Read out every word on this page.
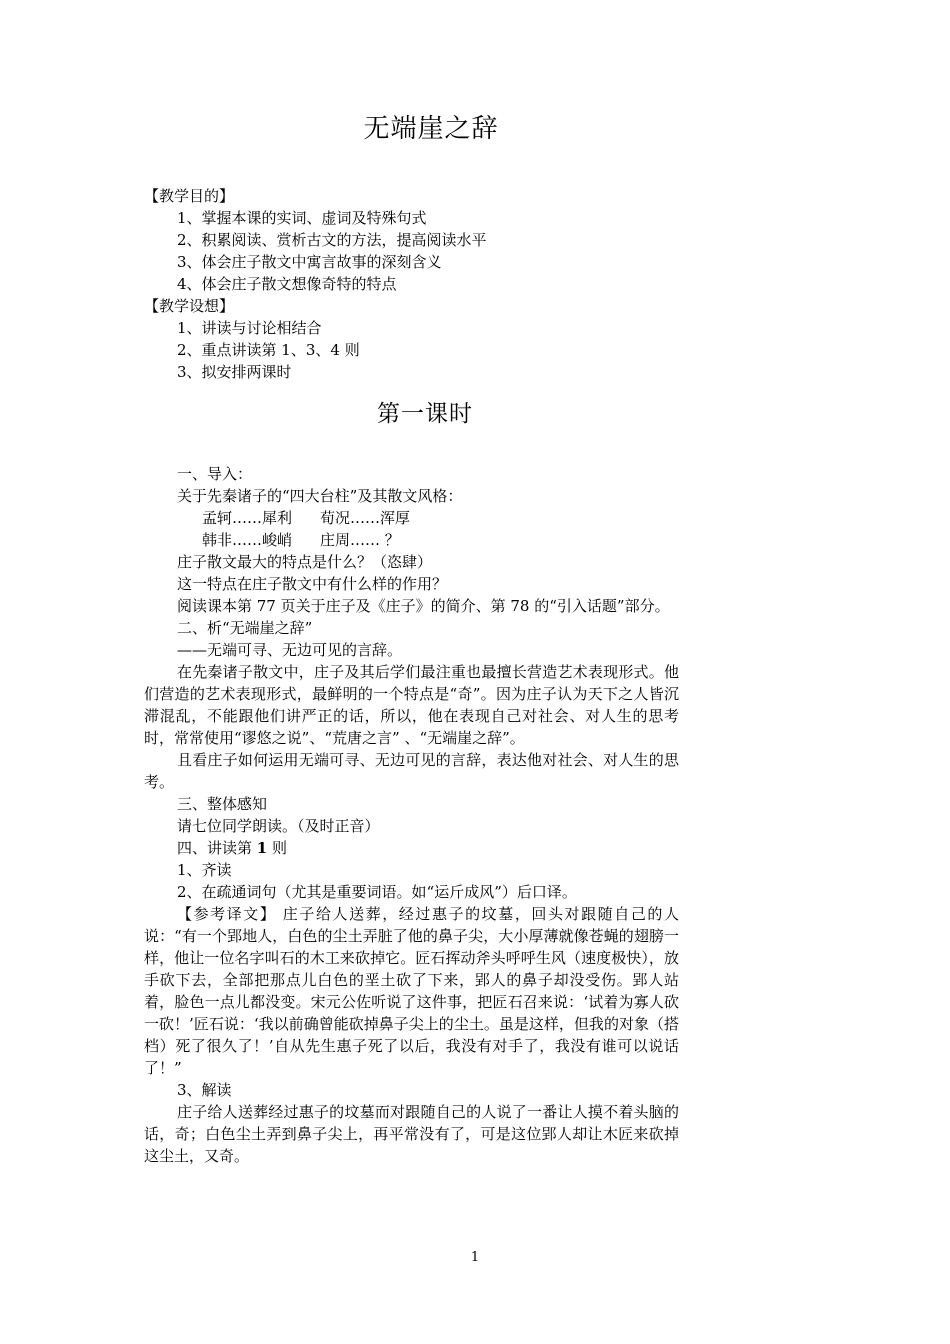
无端崖之辞
【教学目的】
1、掌握本课的实词、虚词及特殊句式
2、积累阅读、赏析古文的方法，提高阅读水平
3、体会庄子散文中寓言故事的深刻含义
4、体会庄子散文想像奇特的特点
【教学设想】
1、讲读与讨论相结合
2、重点讲读第 1、3、4 则
3、拟安排两课时
第一课时
一、导入：
关于先秦诸子的“四大台柱”及其散文风格：
孟轲……犀利 荀况……浑厚
韩非……峻峭 庄周…… ？
庄子散文最大的特点是什么？（恣肆）
这一特点在庄子散文中有什么样的作用？
阅读课本第 77 页关于庄子及《庄子》的简介、第 78 的“引入话题”部分。
二、析“无端崖之辞”
——无端可寻、无边可见的言辞。
在先秦诸子散文中，庄子及其后学们最注重也最擅长营造艺术表现形式。他们营造的艺术表现形式，最鲜明的一个特点是“奇”。因为庄子认为天下之人皆沉滞混乱，不能跟他们讲严正的话，所以，他在表现自己对社会、对人生的思考时，常常使用“谬悠之说”、“荒唐之言” 、“无端崖之辞”。
且看庄子如何运用无端可寻、无边可见的言辞，表达他对社会、对人生的思考。
三、整体感知
请七位同学朗读。（及时正音）
四、讲读第 1 则
1、齐读
2、在疏通词句（尤其是重要词语。如“运斤成风”）后口译。
【参考译文】 庄子给人送葬，经过惠子的坟墓，回头对跟随自己的人说：“有一个郢地人，白色的尘土弄脏了他的鼻子尖，大小厚薄就像苍蝇的翅膀一样，他让一位名字叫石的木工来砍掉它。匠石挥动斧头呼呼生风（速度极快），放手砍下去，全部把那点儿白色的垩土砍了下来，郢人的鼻子却没受伤。郢人站着，脸色一点儿都没变。宋元公佐听说了这件事，把匠石召来说：‘试着为寡人砍一砍！’匠石说：‘我以前确曾能砍掉鼻子尖上的尘土。虽是这样，但我的对象（搭档）死了很久了！’自从先生惠子死了以后，我没有对手了，我没有谁可以说话了！”
3、解读
庄子给人送葬经过惠子的坟墓而对跟随自己的人说了一番让人摸不着头脑的话，奇；白色尘土弄到鼻子尖上，再平常没有了，可是这位郢人却让木匠来砍掉这尘土，又奇。
1
